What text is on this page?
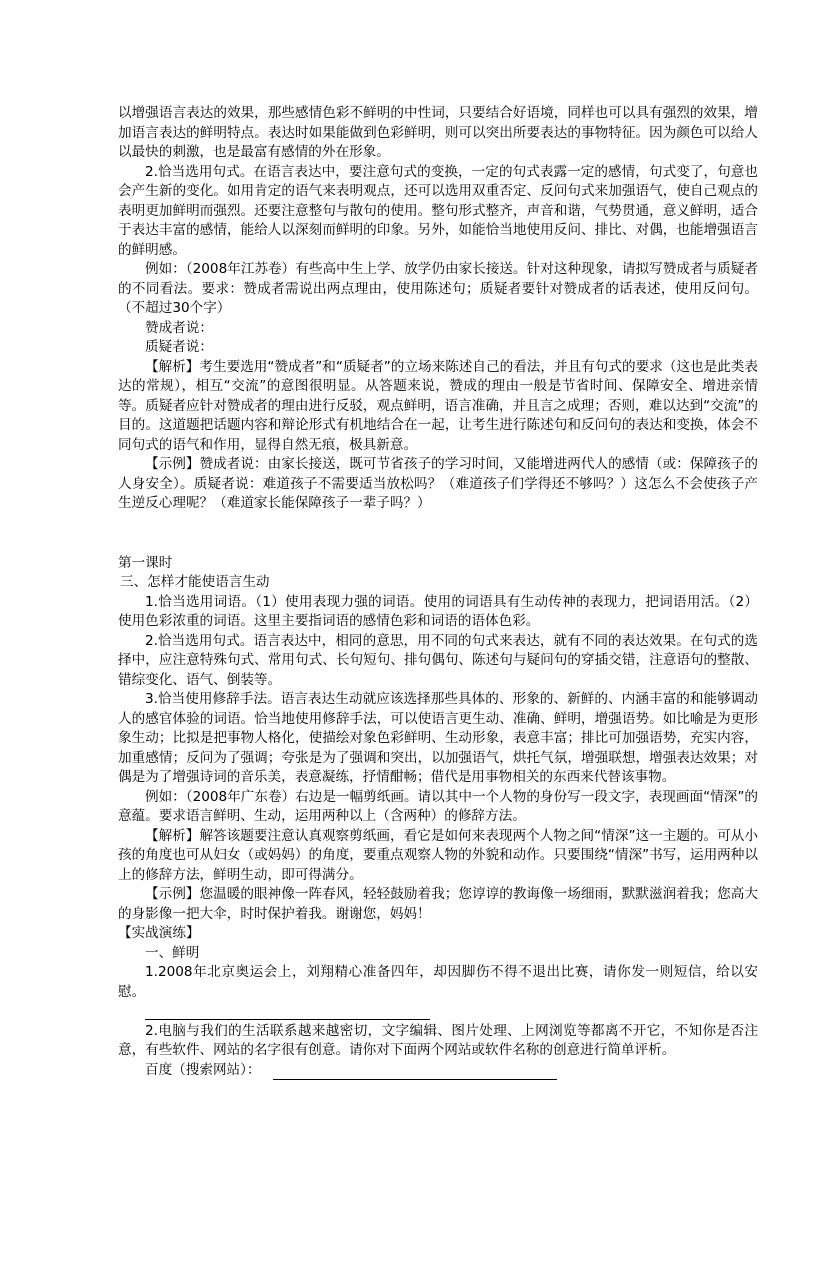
以增强语言表达的效果，那些感情色彩不鲜明的中性词，只要结合好语境，同样也可以具有强烈的效果，增加语言表达的鲜明特点。表达时如果能做到色彩鲜明，则可以突出所要表达的事物特征。因为颜色可以给人以最快的刺激，也是最富有感情的外在形象。

2.恰当选用句式。在语言表达中，要注意句式的变换，一定的句式表露一定的感情，句式变了，句意也会产生新的变化。如用肯定的语气来表明观点，还可以选用双重否定、反问句式来加强语气，使自己观点的表明更加鲜明而强烈。还要注意整句与散句的使用。整句形式整齐，声音和谐，气势贯通，意义鲜明，适合于表达丰富的感情，能给人以深刻而鲜明的印象。另外，如能恰当地使用反问、排比、对偶，也能增强语言的鲜明感。

例如：（2008年江苏卷）有些高中生上学、放学仍由家长接送。针对这种现象，请拟写赞成者与质疑者的不同看法。要求：赞成者需说出两点理由，使用陈述句；质疑者要针对赞成者的话表述，使用反问句。（不超过30个字）

赞成者说：

质疑者说：

【解析】考生要选用“赞成者”和“质疑者”的立场来陈述自己的看法，并且有句式的要求（这也是此类表达的常规），相互“交流”的意图很明显。从答题来说，赞成的理由一般是节省时间、保障安全、增进亲情等。质疑者应针对赞成者的理由进行反驳，观点鲜明，语言准确，并且言之成理；否则，难以达到“交流”的目的。这道题把话题内容和辩论形式有机地结合在一起，让考生进行陈述句和反问句的表达和变换，体会不同句式的语气和作用，显得自然无痕，极具新意。

【示例】赞成者说：由家长接送，既可节省孩子的学习时间，又能增进两代人的感情（或：保障孩子的人身安全）。质疑者说：难道孩子不需要适当放松吗？（难道孩子们学得还不够吗？）这怎么不会使孩子产生逆反心理呢？（难道家长能保障孩子一辈子吗？）

第一课时

三、怎样才能使语言生动

1.恰当选用词语。（1）使用表现力强的词语。使用的词语具有生动传神的表现力，把词语用活。（2）使用色彩浓重的词语。这里主要指词语的感情色彩和词语的语体色彩。

2.恰当选用句式。语言表达中，相同的意思，用不同的句式来表达，就有不同的表达效果。在句式的选择中，应注意特殊句式、常用句式、长句短句、排句偶句、陈述句与疑问句的穿插交错，注意语句的整散、错综变化、语气、倒装等。

3.恰当使用修辞手法。语言表达生动就应该选择那些具体的、形象的、新鲜的、内涵丰富的和能够调动人的感官体验的词语。恰当地使用修辞手法，可以使语言更生动、准确、鲜明，增强语势。如比喻是为更形象生动；比拟是把事物人格化，使描绘对象色彩鲜明、生动形象，表意丰富；排比可加强语势，充实内容，加重感情；反问为了强调；夸张是为了强调和突出，以加强语气，烘托气氛，增强联想，增强表达效果；对偶是为了增强诗词的音乐美，表意凝练，抒情酣畅；借代是用事物相关的东西来代替该事物。

例如：（2008年广东卷）右边是一幅剪纸画。请以其中一个人物的身份写一段文字，表现画面“情深”的意蕴。要求语言鲜明、生动，运用两种以上（含两种）的修辞方法。

【解析】解答该题要注意认真观察剪纸画，看它是如何来表现两个人物之间“情深”这一主题的。可从小孩的角度也可从妇女（或妈妈）的角度，要重点观察人物的外貌和动作。只要围绕“情深”书写，运用两种以上的修辞方法，鲜明生动，即可得满分。

【示例】您温暖的眼神像一阵春风，轻轻鼓励着我；您谆谆的教诲像一场细雨，默默滋润着我；您高大的身影像一把大伞，时时保护着我。谢谢您，妈妈！

【实战演练】

一、鲜明

1.2008年北京奥运会上，刘翔精心准备四年，却因脚伤不得不退出比赛，请你发一则短信，给以安慰。

2.电脑与我们的生活联系越来越密切，文字编辑、图片处理、上网浏览等都离不开它，不知你是否注意，有些软件、网站的名字很有创意。请你对下面两个网站或软件名称的创意进行简单评析。

百度（搜索网站）：
